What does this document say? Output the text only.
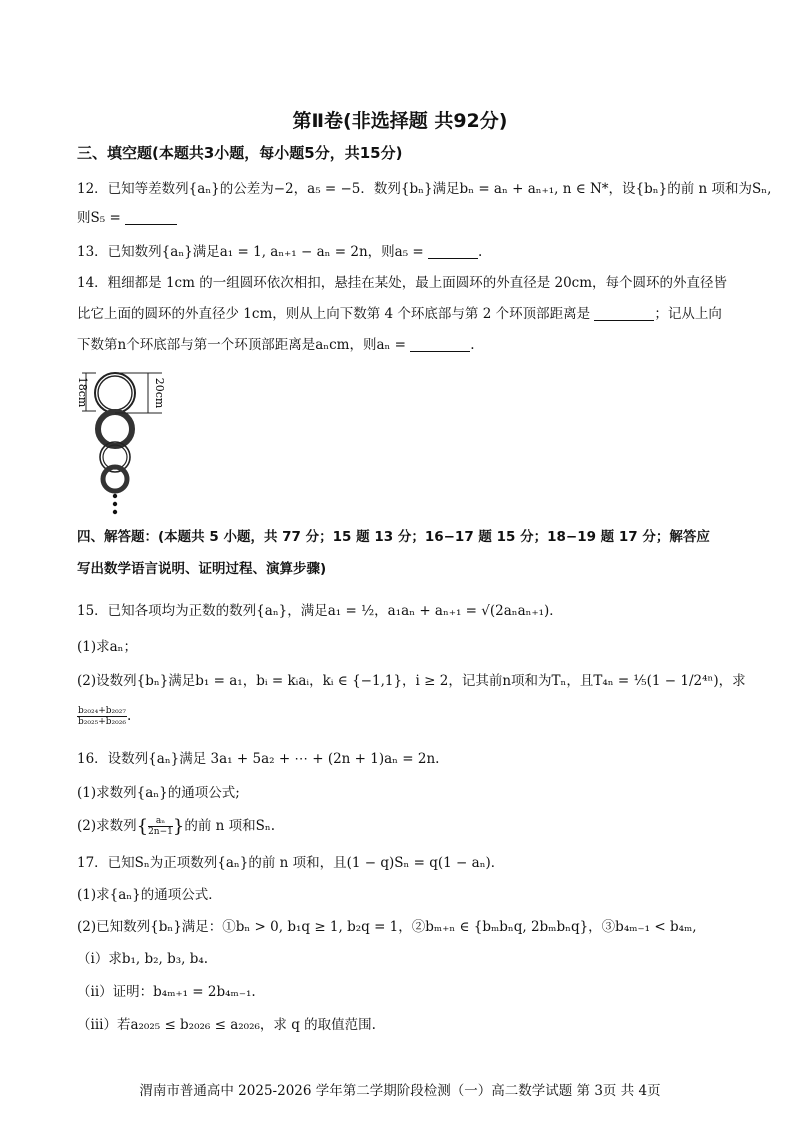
第Ⅱ卷(非选择题 共92分)
三、填空题(本题共3小题，每小题5分，共15分)
12．已知等差数列{aₙ}的公差为−2，a₅ = −5．数列{bₙ}满足bₙ = aₙ + aₙ₊₁, n ∈ N*，设{bₙ}的前 n 项和为Sₙ,
则S₅ =
13．已知数列{aₙ}满足a₁ = 1, aₙ₊₁ − aₙ = 2n，则a₅ =	.
14．粗细都是 1cm 的一组圆环依次相扣，悬挂在某处，最上面圆环的外直径是 20cm，每个圆环的外直径皆
比它上面的圆环的外直径少 1cm，则从上向下数第 4 个环底部与第 2 个环顶部距离是	；记从上向
下数第n个环底部与第一个环顶部距离是aₙcm，则aₙ =	.
18cm	20cm
四、解答题：(本题共 5 小题，共 77 分；15 题 13 分；16−17 题 15 分；18−19 题 17 分；解答应
写出数学语言说明、证明过程、演算步骤)
15．已知各项均为正数的数列{aₙ}，满足a₁ = ½，a₁aₙ + aₙ₊₁ = √(2aₙaₙ₊₁)．
(1)求aₙ；
(2)设数列{bₙ}满足b₁ = a₁，bᵢ = kᵢaᵢ，kᵢ ∈ {−1,1}，i ≥ 2，记其前n项和为Tₙ，且T₄ₙ = ⅕(1 − 1/2⁴ⁿ)，求
$\frac{\text{b₂₀₂₄+b₂₀₂₇}}{\text{b₂₀₂₅+b₂₀₂₆}}$ .
16．设数列{aₙ}满足 3a₁ + 5a₂ + ⋯ + (2n + 1)aₙ = 2n.
(1)求数列{aₙ}的通项公式;
(2)求数列{ $\frac{\text{aₙ}}{2n-1}$ }的前 n 项和Sₙ.
17．已知Sₙ为正项数列{aₙ}的前 n 项和，且(1 − q)Sₙ = q(1 − aₙ)．
(1)求{aₙ}的通项公式．
(2)已知数列{bₙ}满足：①bₙ > 0, b₁q ≥ 1, b₂q = 1，②bₘ₊ₙ ∈ {bₘbₙq, 2bₘbₙq}，③b₄ₘ₋₁ < b₄ₘ,
（i）求b₁, b₂, b₃, b₄.
（ii）证明：b₄ₘ₊₁ = 2b₄ₘ₋₁.
（iii）若a₂₀₂₅ ≤ b₂₀₂₆ ≤ a₂₀₂₆，求 q 的取值范围.
渭南市普通高中 2025-2026 学年第二学期阶段检测（一）高二数学试题 第 3页 共 4页
